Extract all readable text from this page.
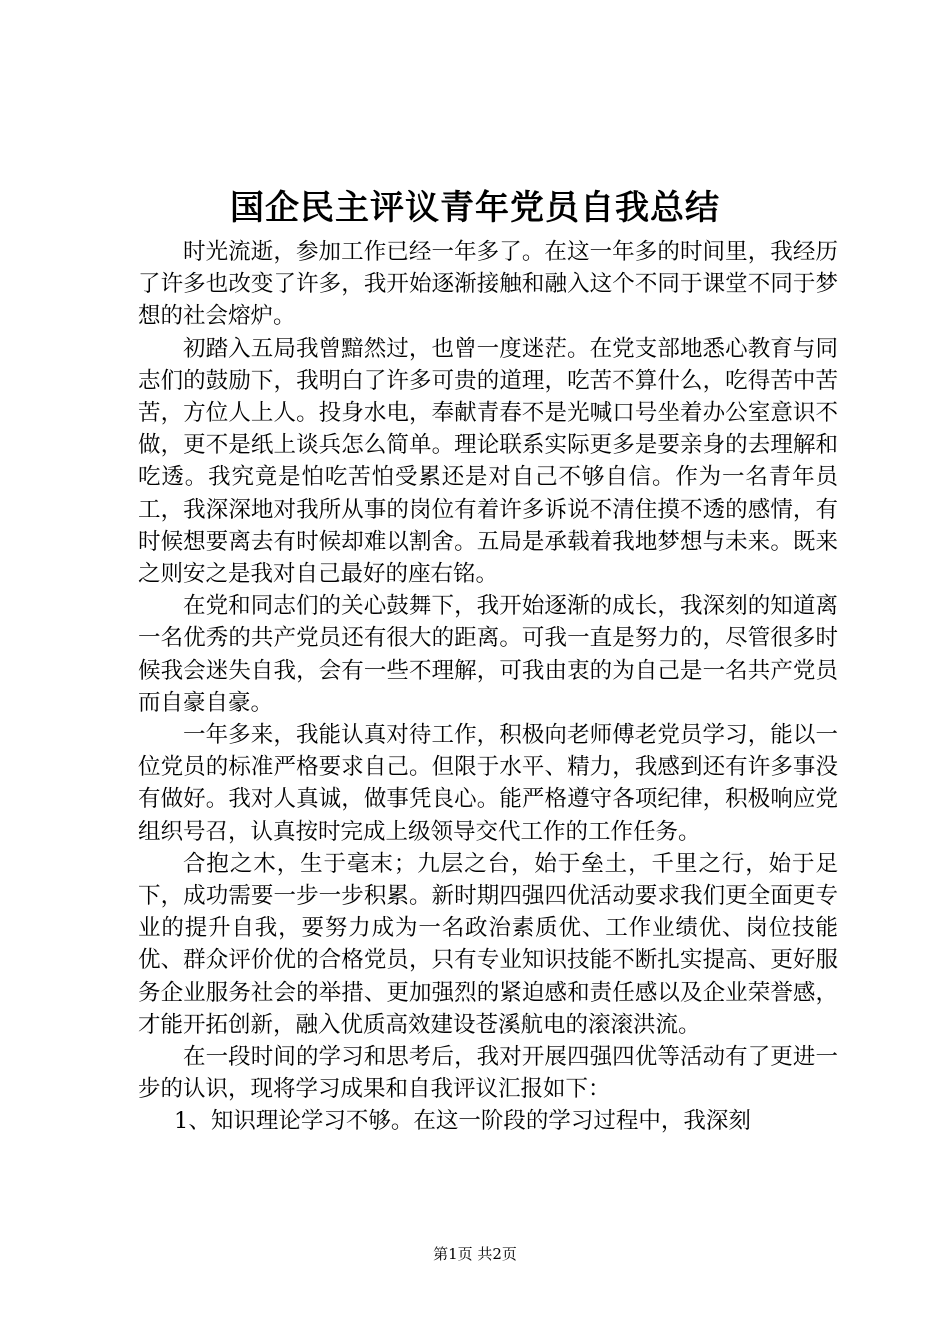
国企民主评议青年党员自我总结

时光流逝，参加工作已经一年多了。在这一年多的时间里，我经历了许多也改变了许多，我开始逐渐接触和融入这个不同于课堂不同于梦想的社会熔炉。

初踏入五局我曾黯然过，也曾一度迷茫。在党支部地悉心教育与同志们的鼓励下，我明白了许多可贵的道理，吃苦不算什么，吃得苦中苦苦，方位人上人。投身水电，奉献青春不是光喊口号坐着办公室意识不做，更不是纸上谈兵怎么简单。理论联系实际更多是要亲身的去理解和吃透。我究竟是怕吃苦怕受累还是对自己不够自信。作为一名青年员工，我深深地对我所从事的岗位有着许多诉说不清住摸不透的感情，有时候想要离去有时候却难以割舍。五局是承载着我地梦想与未来。既来之则安之是我对自己最好的座右铭。

在党和同志们的关心鼓舞下，我开始逐渐的成长，我深刻的知道离一名优秀的共产党员还有很大的距离。可我一直是努力的，尽管很多时候我会迷失自我，会有一些不理解，可我由衷的为自己是一名共产党员而自豪自豪。

一年多来，我能认真对待工作，积极向老师傅老党员学习，能以一位党员的标准严格要求自己。但限于水平、精力，我感到还有许多事没有做好。我对人真诚，做事凭良心。能严格遵守各项纪律，积极响应党组织号召，认真按时完成上级领导交代工作的工作任务。

合抱之木，生于毫末；九层之台，始于垒土，千里之行，始于足下，成功需要一步一步积累。新时期四强四优活动要求我们更全面更专业的提升自我，要努力成为一名政治素质优、工作业绩优、岗位技能优、群众评价优的合格党员，只有专业知识技能不断扎实提高、更好服务企业服务社会的举措、更加强烈的紧迫感和责任感以及企业荣誉感，才能开拓创新，融入优质高效建设苍溪航电的滚滚洪流。

在一段时间的学习和思考后，我对开展四强四优等活动有了更进一步的认识，现将学习成果和自我评议汇报如下：

1、知识理论学习不够。在这一阶段的学习过程中，我深刻

第1页 共2页
